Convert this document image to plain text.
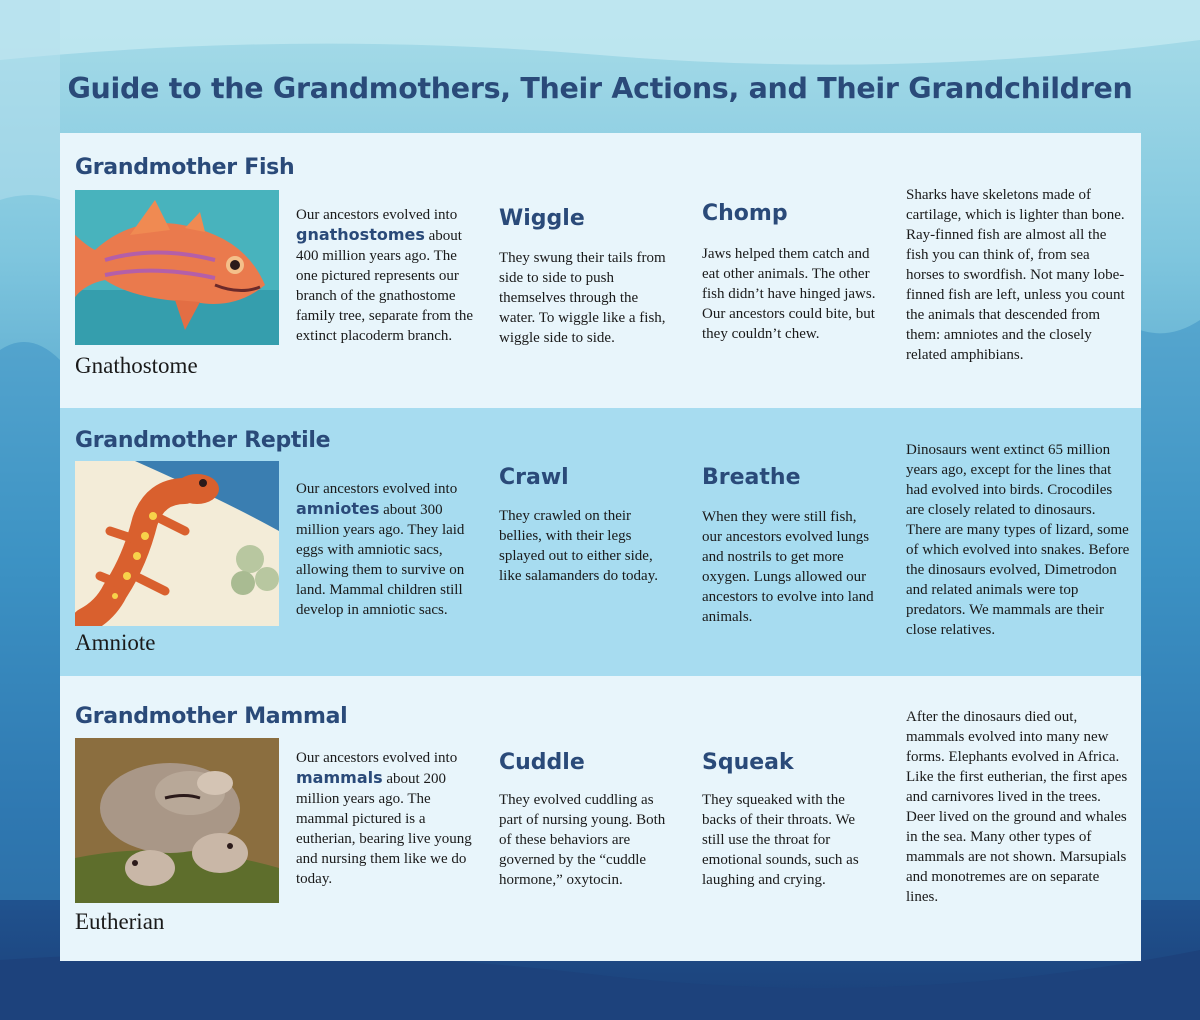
Guide to the Grandmothers, Their Actions, and Their Grandchildren
Grandmother Fish
Gnathostome
Our ancestors evolved into gnathostomes about 400 million years ago. The one pictured represents our branch of the gnathostome family tree, separate from the extinct placoderm branch.
Wiggle
They swung their tails from side to side to push themselves through the water. To wiggle like a fish, wiggle side to side.
Chomp
Jaws helped them catch and eat other animals. The other fish didn’t have hinged jaws. Our ancestors could bite, but they couldn’t chew.
Sharks have skeletons made of cartilage, which is lighter than bone. Ray-finned fish are almost all the fish you can think of, from sea horses to swordfish. Not many lobe-finned fish are left, unless you count the animals that descended from them: amniotes and the closely related amphibians.
Grandmother Reptile
Amniote
Our ancestors evolved into amniotes about 300 million years ago. They laid eggs with amniotic sacs, allowing them to survive on land. Mammal children still develop in amniotic sacs.
Crawl
They crawled on their bellies, with their legs splayed out to either side, like salamanders do today.
Breathe
When they were still fish, our ancestors evolved lungs and nostrils to get more oxygen. Lungs allowed our ancestors to evolve into land animals.
Dinosaurs went extinct 65 million years ago, except for the lines that had evolved into birds. Crocodiles are closely related to dinosaurs. There are many types of lizard, some of which evolved into snakes. Before the dinosaurs evolved, Dimetrodon and related animals were top predators. We mammals are their close relatives.
Grandmother Mammal
Eutherian
Our ancestors evolved into mammals about 200 million years ago. The mammal pictured is a eutherian, bearing live young and nursing them like we do today.
Cuddle
They evolved cuddling as part of nursing young. Both of these behaviors are governed by the “cuddle hormone,” oxytocin.
Squeak
They squeaked with the backs of their throats. We still use the throat for emotional sounds, such as laughing and crying.
After the dinosaurs died out, mammals evolved into many new forms. Elephants evolved in Africa. Like the first eutherian, the first apes and carnivores lived in the trees. Deer lived on the ground and whales in the sea. Many other types of mammals are not shown. Marsupials and monotremes are on separate lines.
